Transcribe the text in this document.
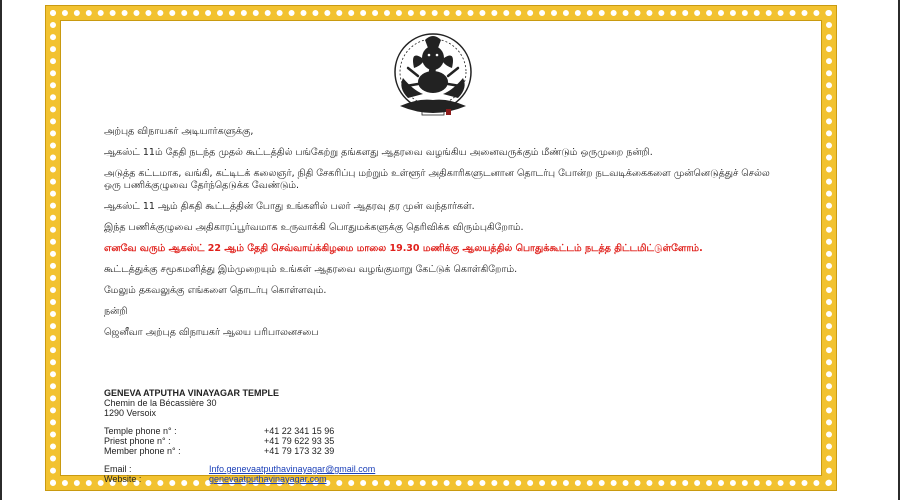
அற்புத விநாயகர் அடியார்களுக்கு,

ஆகஸ்ட் 11ம் தேதி நடந்த முதல் கூட்டத்தில் பங்கேற்று தங்களது ஆதரவை வழங்கிய அனைவருக்கும் மீண்டும் ஒருமுறை நன்றி.

அடுத்த கட்டமாக, வங்கி, கட்டிடக் கலைஞர், நிதி சேகரிப்பு மற்றும் உள்ளூர் அதிகாரிகளுடனான தொடர்பு போன்ற நடவடிக்கைகளை முன்னெடுத்துச் செல்ல ஒரு பணிக்குழுவை தேர்ந்தெடுக்க வேண்டும்.

ஆகஸ்ட் 11 ஆம் திகதி கூட்டத்தின் போது உங்களில் பலர் ஆதரவு தர முன் வந்தார்கள்.

இந்த பணிக்குழுவை அதிகாரப்பூர்வமாக உருவாக்கி பொதுமக்களுக்கு தெரிவிக்க விரும்புகிறோம்.

எனவே வரும் ஆகஸ்ட் 22 ஆம் தேதி செவ்வாய்க்கிழமை மாலை 19.30 மணிக்கு ஆலயத்தில் பொதுக்கூட்டம் நடத்த திட்டமிட்டுள்ளோம்.

கூட்டத்துக்கு சமூகமளித்து இம்முறையும் உங்கள் ஆதரவை வழங்குமாறு கேட்டுக் கொள்கிறோம்.

மேலும் தகவலுக்கு எங்களை தொடர்பு கொள்ளவும்.

நன்றி

ஜெனீவா அற்புத விநாயகர் ஆலய பரிபாலனசபை

GENEVA ATPUTHA VINAYAGAR TEMPLE
Chemin de la Bécassière 30
1290 Versoix
Temple phone n° :	+41 22 341 15 96
Priest phone n° :	+41 79 622 93 35
Member phone n° :	+41 79 173 32 39
Email :	Info.genevaatputhavinayagar@gmail.com
Website :	genevaatputhavinayagar.com
